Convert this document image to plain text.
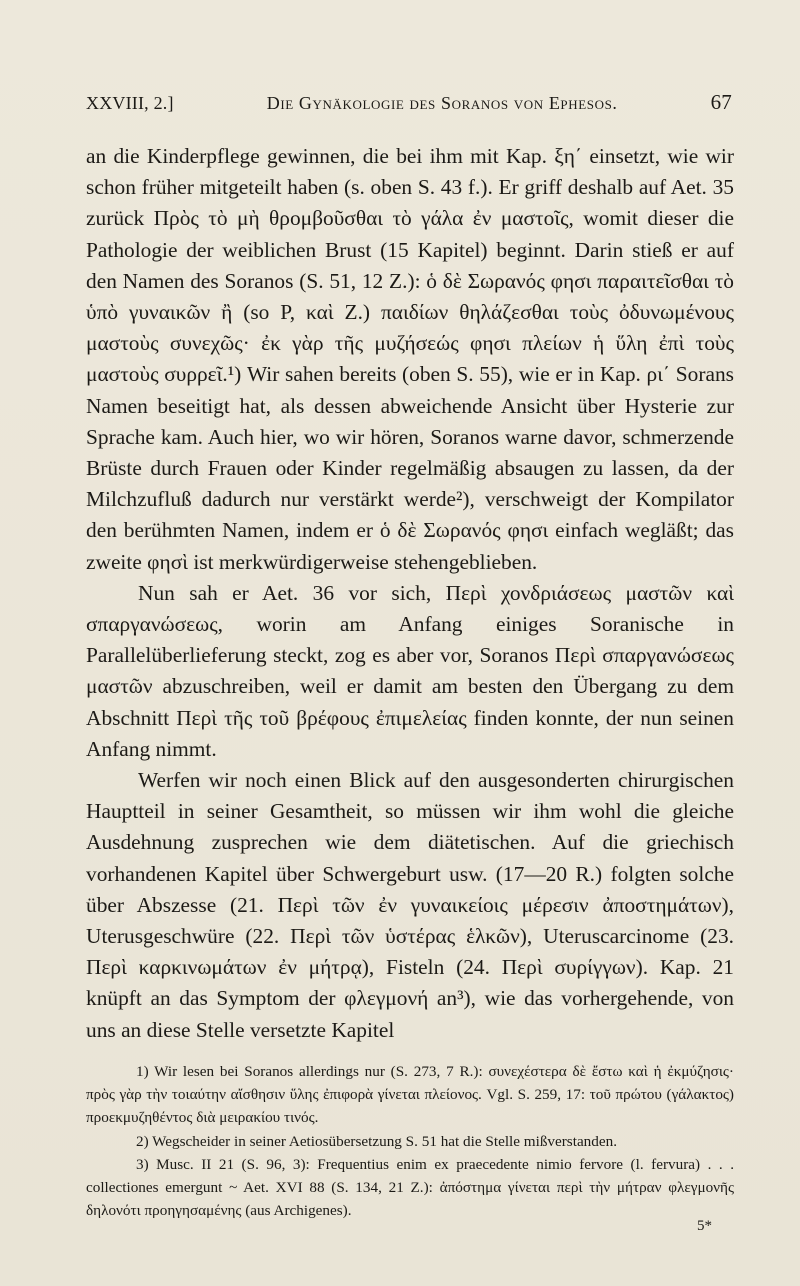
XXVIII, 2.]	Die Gynäkologie des Soranos von Ephesos.	67

an die Kinderpflege gewinnen, die bei ihm mit Kap. ξη΄ einsetzt, wie wir schon früher mitgeteilt haben (s. oben S. 43 f.). Er griff deshalb auf Aet. 35 zurück Πρὸς τὸ μὴ θρομβοῦσθαι τὸ γάλα ἐν μαστοῖς, womit dieser die Pathologie der weiblichen Brust (15 Kapitel) beginnt. Darin stieß er auf den Namen des Soranos (S. 51, 12 Z.): ὁ δὲ Σωρανός φησι παραιτεῖσθαι τὸ ὑπὸ γυναικῶν ἢ (so P, καὶ Z.) παιδίων θηλάζεσθαι τοὺς ὀδυνωμένους μαστοὺς συνεχῶς· ἐκ γὰρ τῆς μυζήσεώς φησι πλείων ἡ ὕλη ἐπὶ τοὺς μαστοὺς συρρεῖ.¹) Wir sahen bereits (oben S. 55), wie er in Kap. ρι΄ Sorans Namen beseitigt hat, als dessen abweichende Ansicht über Hysterie zur Sprache kam. Auch hier, wo wir hören, Soranos warne davor, schmerzende Brüste durch Frauen oder Kinder regelmäßig absaugen zu lassen, da der Milchzufluß dadurch nur verstärkt werde²), verschweigt der Kompilator den berühmten Namen, indem er ὁ δὲ Σωρανός φησι einfach wegläßt; das zweite φησὶ ist merkwürdigerweise stehengeblieben.

Nun sah er Aet. 36 vor sich, Περὶ χονδριάσεως μαστῶν καὶ σπαργανώσεως, worin am Anfang einiges Soranische in Parallelüberlieferung steckt, zog es aber vor, Soranos Περὶ σπαργανώσεως μαστῶν abzuschreiben, weil er damit am besten den Übergang zu dem Abschnitt Περὶ τῆς τοῦ βρέφους ἐπιμελείας finden konnte, der nun seinen Anfang nimmt.

Werfen wir noch einen Blick auf den ausgesonderten chirurgischen Hauptteil in seiner Gesamtheit, so müssen wir ihm wohl die gleiche Ausdehnung zusprechen wie dem diätetischen. Auf die griechisch vorhandenen Kapitel über Schwergeburt usw. (17—20 R.) folgten solche über Abszesse (21. Περὶ τῶν ἐν γυναικείοις μέρεσιν ἀποστημάτων), Uterusgeschwüre (22. Περὶ τῶν ὑστέρας ἑλκῶν), Uteruscarcinome (23. Περὶ καρκινωμάτων ἐν μήτρᾳ), Fisteln (24. Περὶ συρίγγων). Kap. 21 knüpft an das Symptom der φλεγμονή an³), wie das vorhergehende, von uns an diese Stelle versetzte Kapitel

1) Wir lesen bei Soranos allerdings nur (S. 273, 7 R.): συνεχέστερα δὲ ἔστω καὶ ἡ ἐκμύζησις· πρὸς γὰρ τὴν τοιαύτην αἴσθησιν ὕλης ἐπιφορὰ γίνεται πλείονος. Vgl. S. 259, 17: τοῦ πρώτου (γάλακτος) προεκμυζηθέντος διὰ μειρακίου τινός.

2) Wegscheider in seiner Aetiosübersetzung S. 51 hat die Stelle mißverstanden.

3) Musc. II 21 (S. 96, 3): Frequentius enim ex praecedente nimio fervore (l. fervura) . . . collectiones emergunt ~ Aet. XVI 88 (S. 134, 21 Z.): ἀπόστημα γίνεται περὶ τὴν μήτραν φλεγμονῆς δηλονότι προηγησαμένης (aus Archigenes).

5*
